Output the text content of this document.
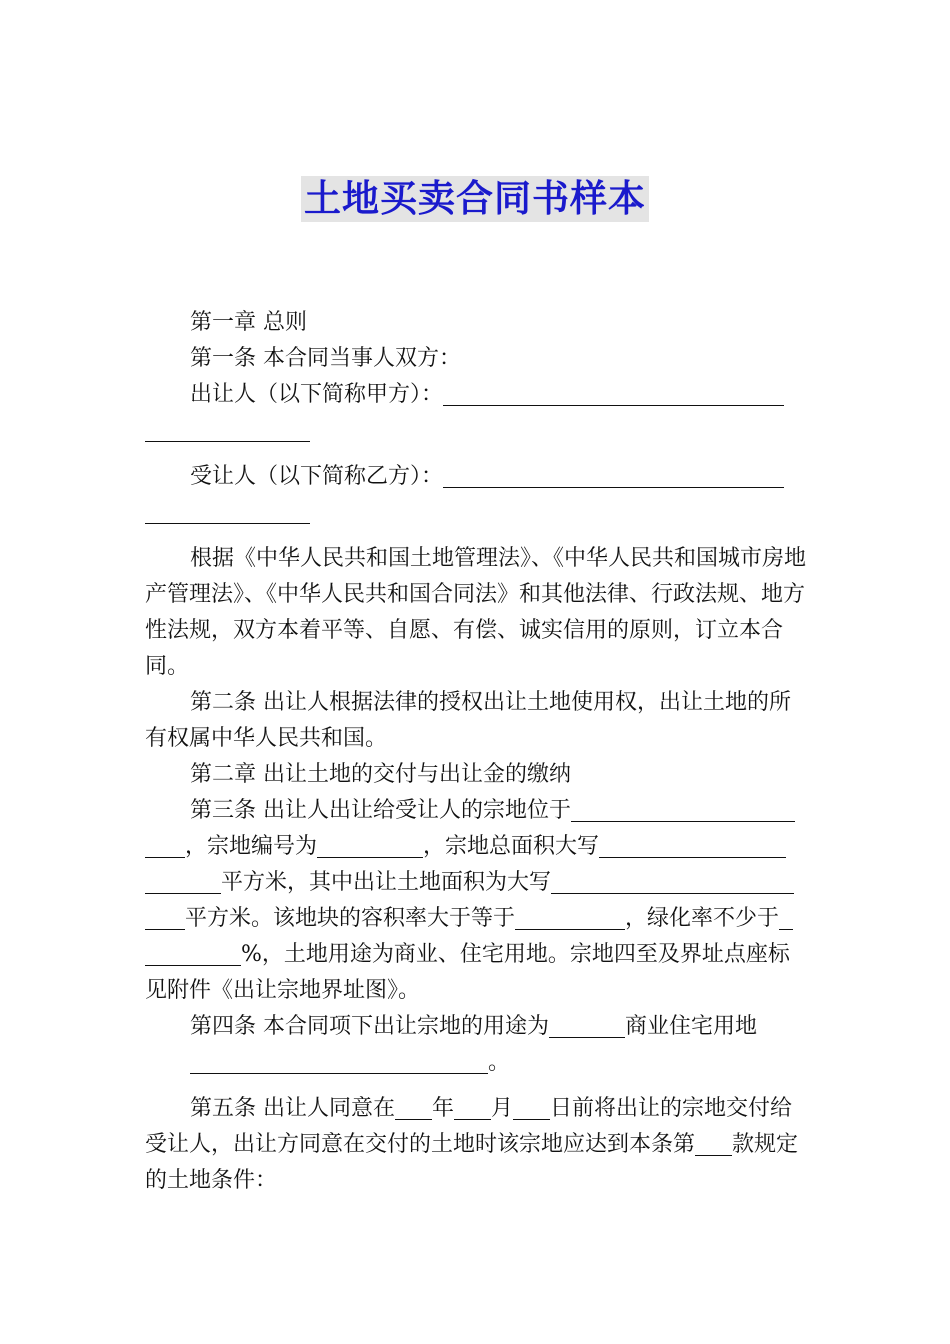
土地买卖合同书样本

第一章 总则

第一条 本合同当事人双方：

出让人（以下简称甲方）：

受让人（以下简称乙方）：

根据《中华人民共和国土地管理法》、《中华人民共和国城市房地产管理法》、《中华人民共和国合同法》和其他法律、行政法规、地方性法规，双方本着平等、自愿、有偿、诚实信用的原则，订立本合同。

第二条 出让人根据法律的授权出让土地使用权，出让土地的所有权属中华人民共和国。

第二章 出让土地的交付与出让金的缴纳

第三条 出让人出让给受让人的宗地位于，宗地编号为	，宗地总面积大写平方米，其中出让土地面积为大写平方米。该地块的容积率大于等于	，绿化率不少于%，土地用途为商业、住宅用地。宗地四至及界址点座标见附件《出让宗地界址图》。

第四条 本合同项下出让宗地的用途为	商业住宅用地

。

第五条 出让人同意在 年 月 日前将出让的宗地交付给受让人，出让方同意在交付的土地时该宗地应达到本条第 款规定的土地条件：
